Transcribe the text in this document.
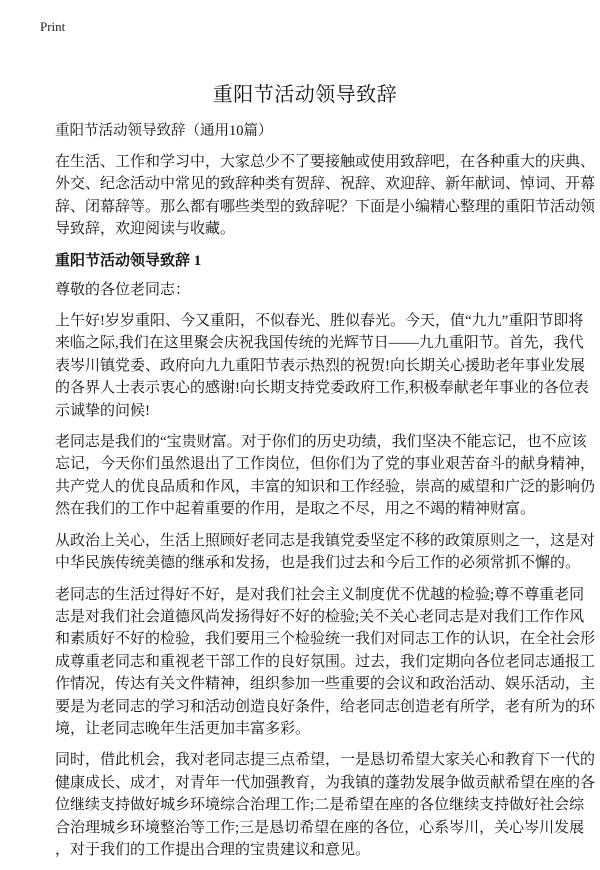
Print
重阳节活动领导致辞
重阳节活动领导致辞（通用10篇）
在生活、工作和学习中，大家总少不了要接触或使用致辞吧，在各种重大的庆典、
外交、纪念活动中常见的致辞种类有贺辞、祝辞、欢迎辞、新年献词、悼词、开幕
辞、闭幕辞等。那么都有哪些类型的致辞呢？下面是小编精心整理的重阳节活动领
导致辞，欢迎阅读与收藏。
重阳节活动领导致辞 1
尊敬的各位老同志：
上午好!岁岁重阳、今又重阳，不似春光、胜似春光。今天，值“九九”重阳节即将
来临之际,我们在这里聚会庆祝我国传统的光辉节日——九九重阳节。首先，我代
表岑川镇党委、政府向九九重阳节表示热烈的祝贺!向长期关心援助老年事业发展
的各界人士表示衷心的感谢!向长期支持党委政府工作,积极奉献老年事业的各位表
示诚挚的问候!
老同志是我们的“宝贵财富。对于你们的历史功绩，我们坚决不能忘记，也不应该
忘记，今天你们虽然退出了工作岗位，但你们为了党的事业艰苦奋斗的献身精神，
共产党人的优良品质和作风，丰富的知识和工作经验，崇高的威望和广泛的影响仍
然在我们的工作中起着重要的作用，是取之不尽，用之不竭的精神财富。
从政治上关心，生活上照顾好老同志是我镇党委坚定不移的政策原则之一，这是对
中华民族传统美德的继承和发扬，也是我们过去和今后工作的必须常抓不懈的。
老同志的生活过得好不好，是对我们社会主义制度优不优越的检验;尊不尊重老同
志是对我们社会道德风尚发扬得好不好的检验;关不关心老同志是对我们工作作风
和素质好不好的检验，我们要用三个检验统一我们对同志工作的认识，在全社会形
成尊重老同志和重视老干部工作的良好氛围。过去，我们定期向各位老同志通报工
作情况，传达有关文件精神，组织参加一些重要的会议和政治活动、娱乐活动，主
要是为老同志的学习和活动创造良好条件，给老同志创造老有所学，老有所为的环
境，让老同志晚年生活更加丰富多彩。
同时，借此机会，我对老同志提三点希望，一是恳切希望大家关心和教育下一代的
健康成长、成才，对青年一代加强教育，为我镇的蓬勃发展争做贡献希望在座的各
位继续支持做好城乡环境综合治理工作;二是希望在座的各位继续支持做好社会综
合治理城乡环境整治等工作;三是恳切希望在座的各位，心系岑川，关心岑川发展
，对于我们的工作提出合理的宝贵建议和意见。
